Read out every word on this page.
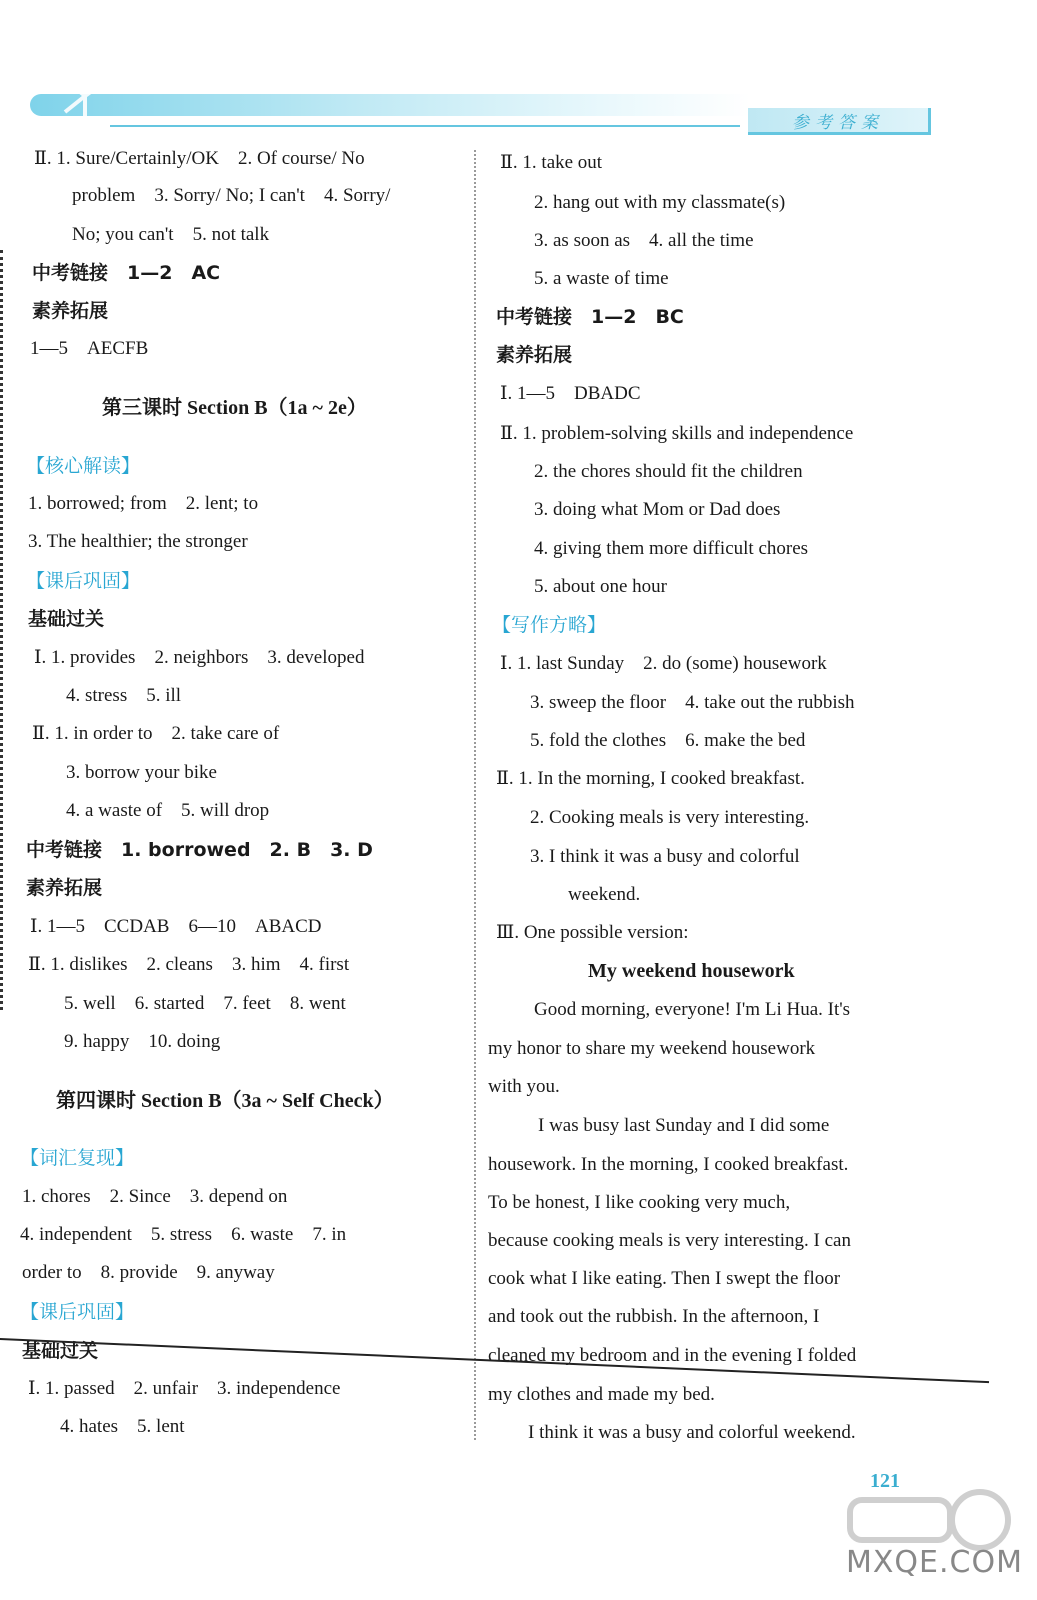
参考答案
Ⅱ. 1. Sure/Certainly/OK　2. Of course/ No
problem　3. Sorry/ No; I can't　4. Sorry/
No; you can't　5. not talk
中考链接　1—2　AC
素养拓展
1—5　AECFB
第三课时 Section B（1a ~ 2e）
【核心解读】
1. borrowed; from　2. lent; to
3. The healthier; the stronger
【课后巩固】
基础过关
Ⅰ. 1. provides　2. neighbors　3. developed
4. stress　5. ill
Ⅱ. 1. in order to　2. take care of
3. borrow your bike
4. a waste of　5. will drop
中考链接　1. borrowed　2. B　3. D
素养拓展
Ⅰ. 1—5　CCDAB　6—10　ABACD
Ⅱ. 1. dislikes　2. cleans　3. him　4. first
5. well　6. started　7. feet　8. went
9. happy　10. doing
第四课时 Section B（3a ~ Self Check）
【词汇复现】
1. chores　2. Since　3. depend on
4. independent　5. stress　6. waste　7. in
order to　8. provide　9. anyway
【课后巩固】
基础过关
Ⅰ. 1. passed　2. unfair　3. independence
4. hates　5. lent
Ⅱ. 1. take out
2. hang out with my classmate(s)
3. as soon as　4. all the time
5. a waste of time
中考链接　1—2　BC
素养拓展
Ⅰ. 1—5　DBADC
Ⅱ. 1. problem-solving skills and independence
2. the chores should fit the children
3. doing what Mom or Dad does
4. giving them more difficult chores
5. about one hour
【写作方略】
Ⅰ. 1. last Sunday　2. do (some) housework
3. sweep the floor　4. take out the rubbish
5. fold the clothes　6. make the bed
Ⅱ. 1. In the morning, I cooked breakfast.
2. Cooking meals is very interesting.
3. I think it was a busy and colorful
weekend.
Ⅲ. One possible version:
My weekend housework
Good morning, everyone! I'm Li Hua. It's
my honor to share my weekend housework
with you.
I was busy last Sunday and I did some
housework. In the morning, I cooked breakfast.
To be honest, I like cooking very much,
because cooking meals is very interesting. I can
cook what I like eating. Then I swept the floor
and took out the rubbish. In the afternoon, I
cleaned my bedroom and in the evening I folded
my clothes and made my bed.
I think it was a busy and colorful weekend.
121
MXQE.COM
